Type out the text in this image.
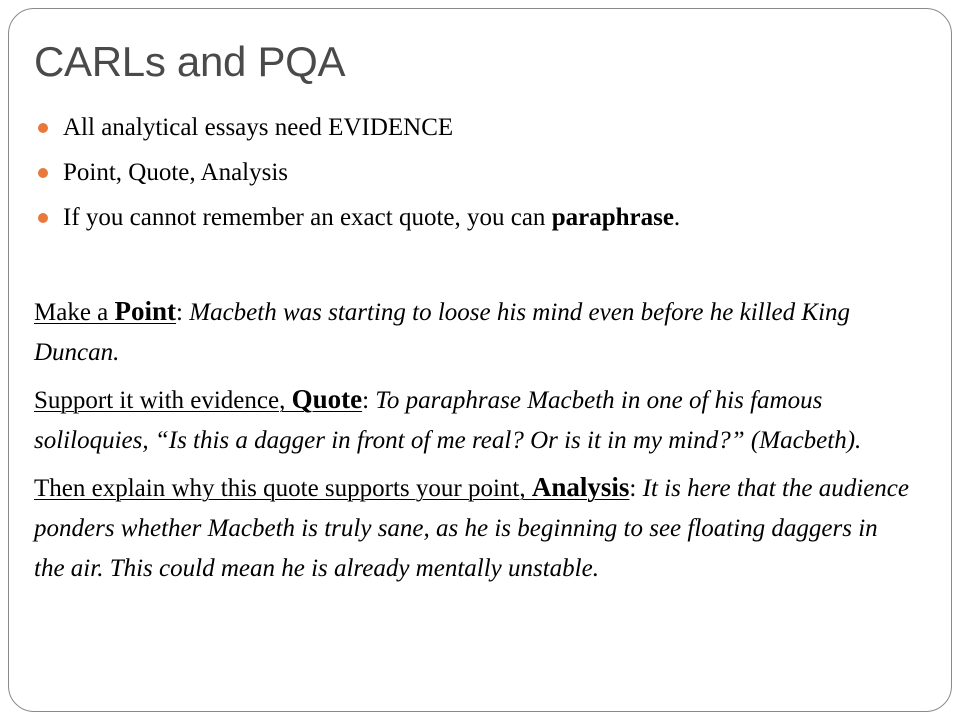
CARLs and PQA
All analytical essays need EVIDENCE
Point, Quote, Analysis
If you cannot remember an exact quote, you can paraphrase.

Make a Point: Macbeth was starting to loose his mind even before he killed King Duncan.

Support it with evidence, Quote: To paraphrase Macbeth in one of his famous soliloquies, “Is this a dagger in front of me real? Or is it in my mind?” (Macbeth).

Then explain why this quote supports your point, Analysis: It is here that the audience ponders whether Macbeth is truly sane, as he is beginning to see floating daggers in the air. This could mean he is already mentally unstable.
